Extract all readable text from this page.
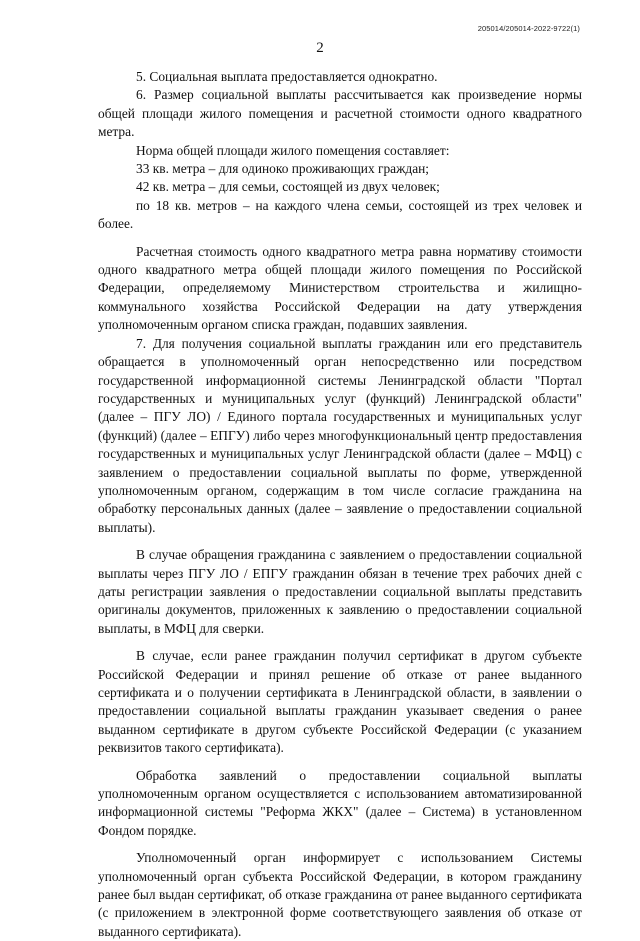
205014/205014-2022-9722(1)
2

5. Социальная выплата предоставляется однократно.

6. Размер социальной выплаты рассчитывается как произведение нормы общей площади жилого помещения и расчетной стоимости одного квадратного метра.

Норма общей площади жилого помещения составляет:

33 кв. метра – для одиноко проживающих граждан;

42 кв. метра – для семьи, состоящей из двух человек;

по 18 кв. метров – на каждого члена семьи, состоящей из трех человек и более.

Расчетная стоимость одного квадратного метра равна нормативу стоимости одного квадратного метра общей площади жилого помещения по Российской Федерации, определяемому Министерством строительства и жилищно-коммунального хозяйства Российской Федерации на дату утверждения уполномоченным органом списка граждан, подавших заявления.

7. Для получения социальной выплаты гражданин или его представитель обращается в уполномоченный орган непосредственно или посредством государственной информационной системы Ленинградской области "Портал государственных и муниципальных услуг (функций) Ленинградской области" (далее – ПГУ ЛО) / Единого портала государственных и муниципальных услуг (функций) (далее – ЕПГУ) либо через многофункциональный центр предоставления государственных и муниципальных услуг Ленинградской области (далее – МФЦ) с заявлением о предоставлении социальной выплаты по форме, утвержденной уполномоченным органом, содержащим в том числе согласие гражданина на обработку персональных данных (далее – заявление о предоставлении социальной выплаты).

В случае обращения гражданина с заявлением о предоставлении социальной выплаты через ПГУ ЛО / ЕПГУ гражданин обязан в течение трех рабочих дней с даты регистрации заявления о предоставлении социальной выплаты представить оригиналы документов, приложенных к заявлению о предоставлении социальной выплаты, в МФЦ для сверки.

В случае, если ранее гражданин получил сертификат в другом субъекте Российской Федерации и принял решение об отказе от ранее выданного сертификата и о получении сертификата в Ленинградской области, в заявлении о предоставлении социальной выплаты гражданин указывает сведения о ранее выданном сертификате в другом субъекте Российской Федерации (с указанием реквизитов такого сертификата).

Обработка заявлений о предоставлении социальной выплаты уполномоченным органом осуществляется с использованием автоматизированной информационной системы "Реформа ЖКХ" (далее – Система) в установленном Фондом порядке.

Уполномоченный орган информирует с использованием Системы уполномоченный орган субъекта Российской Федерации, в котором гражданину ранее был выдан сертификат, об отказе гражданина от ранее выданного сертификата (с приложением в электронной форме соответствующего заявления об отказе от выданного сертификата).
